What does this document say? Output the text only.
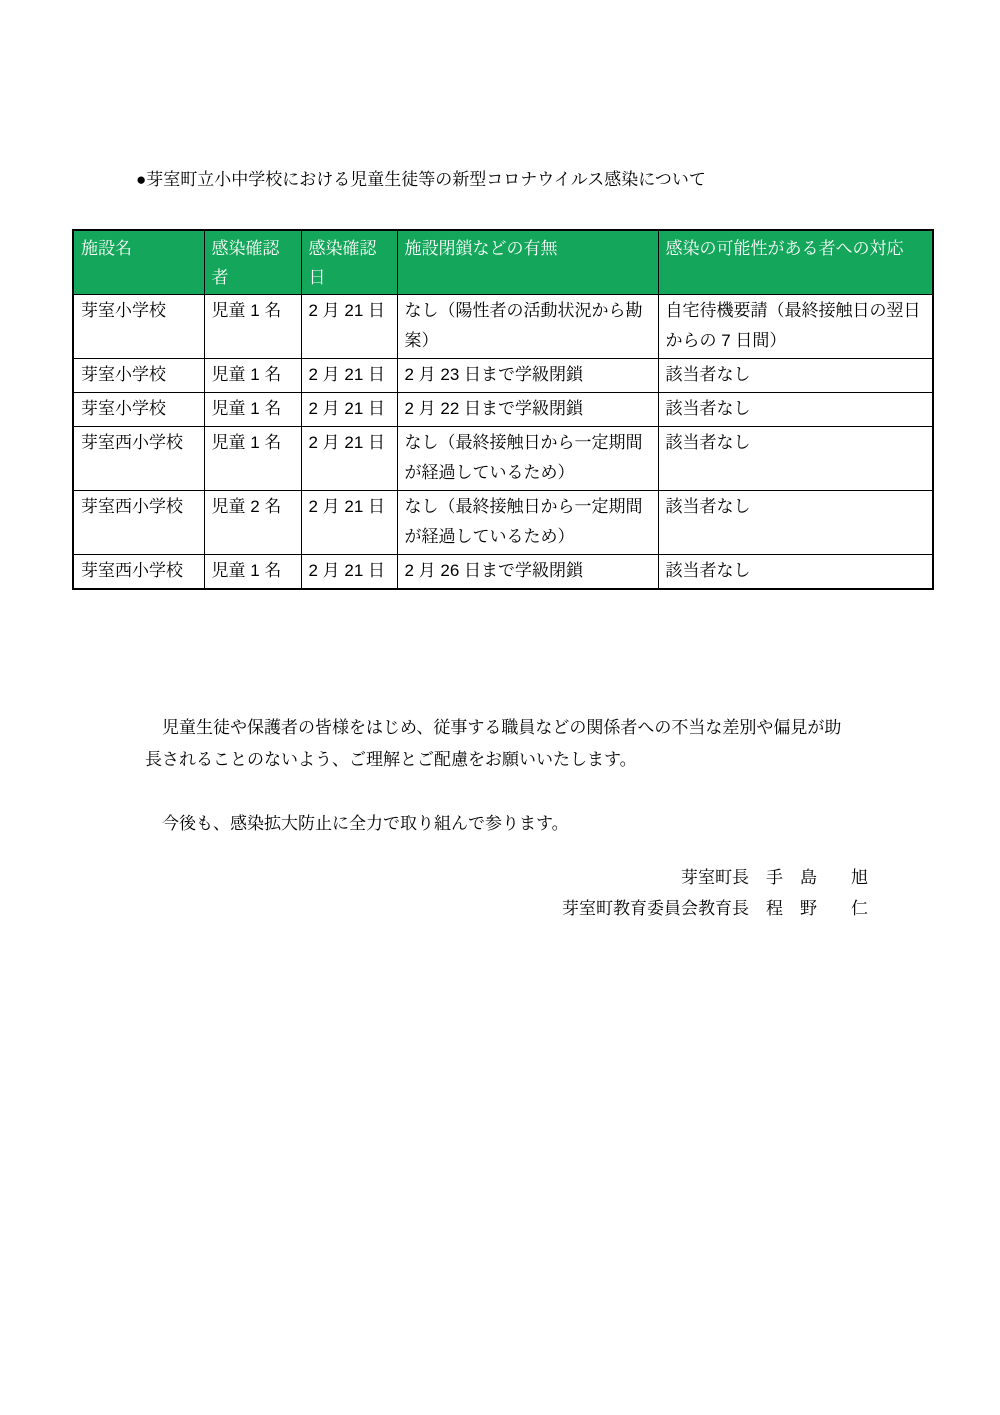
●芽室町立小中学校における児童生徒等の新型コロナウイルス感染について
施設名	感染確認者	感染確認日	施設閉鎖などの有無	感染の可能性がある者への対応
芽室小学校	児童 1 名	2 月 21 日	なし（陽性者の活動状況から勘案）	自宅待機要請（最終接触日の翌日からの 7 日間）
芽室小学校	児童 1 名	2 月 21 日	2 月 23 日まで学級閉鎖	該当者なし
芽室小学校	児童 1 名	2 月 21 日	2 月 22 日まで学級閉鎖	該当者なし
芽室西小学校	児童 1 名	2 月 21 日	なし（最終接触日から一定期間が経過しているため）	該当者なし
芽室西小学校	児童 2 名	2 月 21 日	なし（最終接触日から一定期間が経過しているため）	該当者なし
芽室西小学校	児童 1 名	2 月 21 日	2 月 26 日まで学級閉鎖	該当者なし

児童生徒や保護者の皆様をはじめ、従事する職員などの関係者への不当な差別や偏見が助長されることのないよう、ご理解とご配慮をお願いいたします。

今後も、感染拡大防止に全力で取り組んで参ります。

芽室町長　手　島　　旭
芽室町教育委員会教育長　程　野　　仁
